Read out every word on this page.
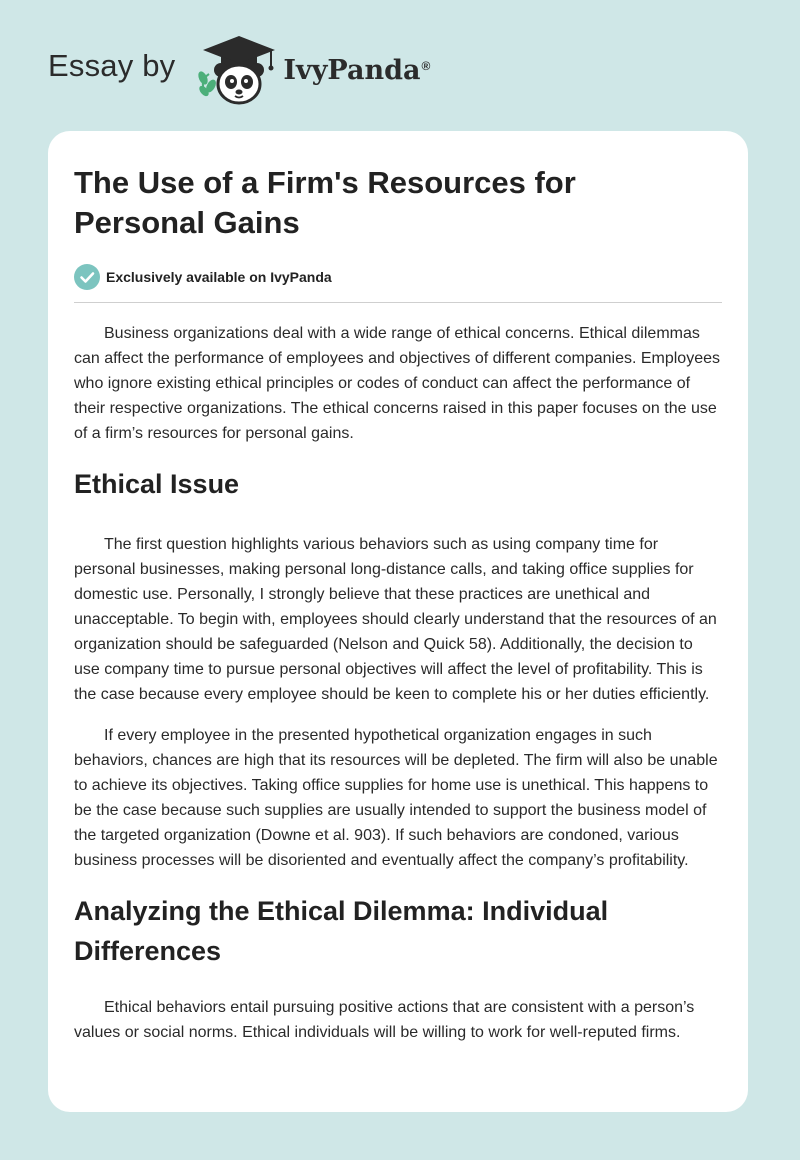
Essay by	IvyPanda®
The Use of a Firm's Resources for Personal Gains
Exclusively available on IvyPanda

Business organizations deal with a wide range of ethical concerns. Ethical dilemmas can affect the performance of employees and objectives of different companies. Employees who ignore existing ethical principles or codes of conduct can affect the performance of their respective organizations. The ethical concerns raised in this paper focuses on the use of a firm’s resources for personal gains.

Ethical Issue

The first question highlights various behaviors such as using company time for personal businesses, making personal long-distance calls, and taking office supplies for domestic use. Personally, I strongly believe that these practices are unethical and unacceptable. To begin with, employees should clearly understand that the resources of an organization should be safeguarded (Nelson and Quick 58). Additionally, the decision to use company time to pursue personal objectives will affect the level of profitability. This is the case because every employee should be keen to complete his or her duties efficiently.

If every employee in the presented hypothetical organization engages in such behaviors, chances are high that its resources will be depleted. The firm will also be unable to achieve its objectives. Taking office supplies for home use is unethical. This happens to be the case because such supplies are usually intended to support the business model of the targeted organization (Downe et al. 903). If such behaviors are condoned, various business processes will be disoriented and eventually affect the company’s profitability.

Analyzing the Ethical Dilemma: Individual Differences

Ethical behaviors entail pursuing positive actions that are consistent with a person’s values or social norms. Ethical individuals will be willing to work for well-reputed firms.
